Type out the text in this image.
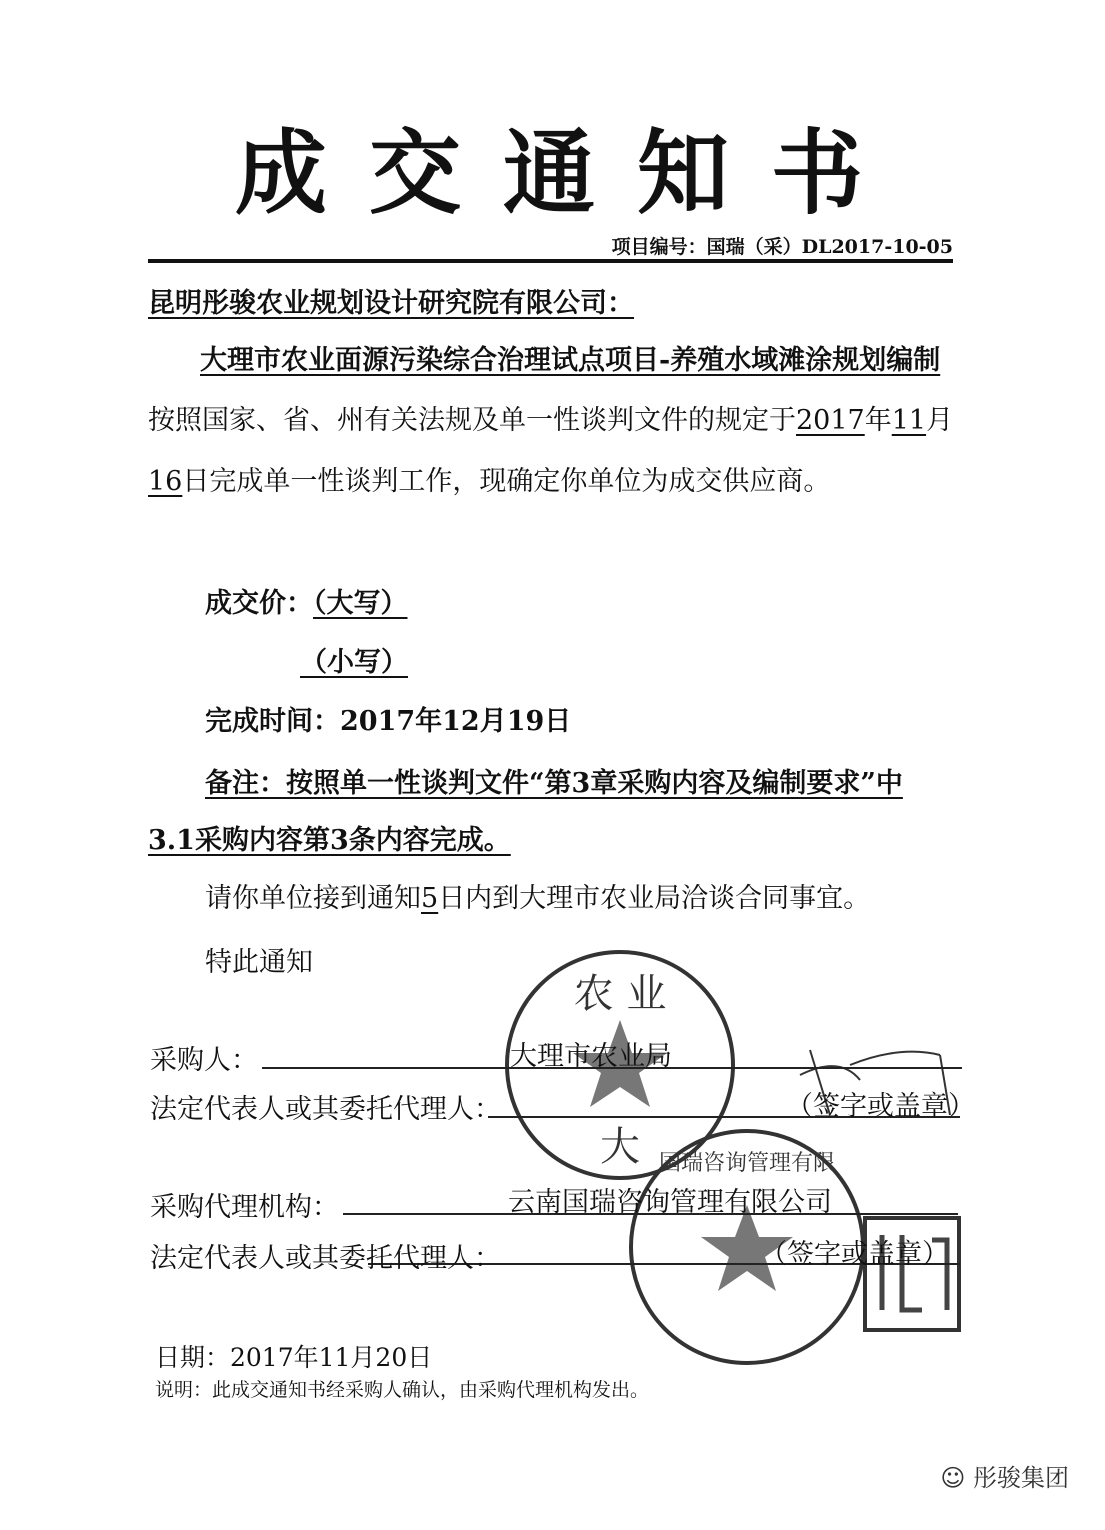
成交通知书
项目编号：国瑞（采）DL2017-10-05
昆明彤骏农业规划设计研究院有限公司：
大理市农业面源污染综合治理试点项目-养殖水域滩涂规划编制
按照国家、省、州有关法规及单一性谈判文件的规定于2017年11月
16日完成单一性谈判工作，现确定你单位为成交供应商。
成交价：（大写）
（小写）
完成时间：2017年12月19日
备注：按照单一性谈判文件“第3章采购内容及编制要求”中
3.1采购内容第3条内容完成。
请你单位接到通知5日内到大理市农业局洽谈合同事宜。
特此通知
农 业
大 国瑞咨询管理有限
采购人：	大理市农业局
法定代表人或其委托代理人：	（签字或盖章）
采购代理机构：	云南国瑞咨询管理有限公司
法定代表人或其委托代理人：	（签字或盖章）
日期：2017年11月20日
说明：此成交通知书经采购人确认，由采购代理机构发出。
☺ 彤骏集团
